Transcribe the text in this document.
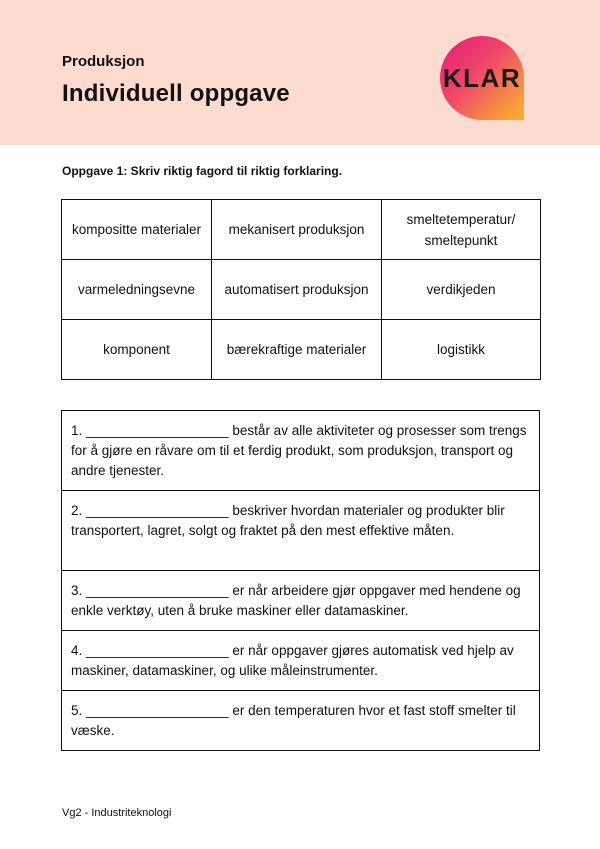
Produksjon
Individuell oppgave
KLAR
Oppgave 1: Skriv riktig fagord til riktig forklaring.
kompositte materialer	mekanisert produksjon	smeltetemperatur/ smeltepunkt
varmeledningsevne	automatisert produksjon	verdikjeden
komponent	bærekraftige materialer	logistikk
1. ___________________ består av alle aktiviteter og prosesser som trengs for å gjøre en råvare om til et ferdig produkt, som produksjon, transport og andre tjenester.
2. ___________________ beskriver hvordan materialer og produkter blir transportert, lagret, solgt og fraktet på den mest effektive måten.
3. ___________________ er når arbeidere gjør oppgaver med hendene og enkle verktøy, uten å bruke maskiner eller datamaskiner.
4. ___________________ er når oppgaver gjøres automatisk ved hjelp av maskiner, datamaskiner, og ulike måleinstrumenter.
5. ___________________ er den temperaturen hvor et fast stoff smelter til væske.
Vg2 - Industriteknologi
